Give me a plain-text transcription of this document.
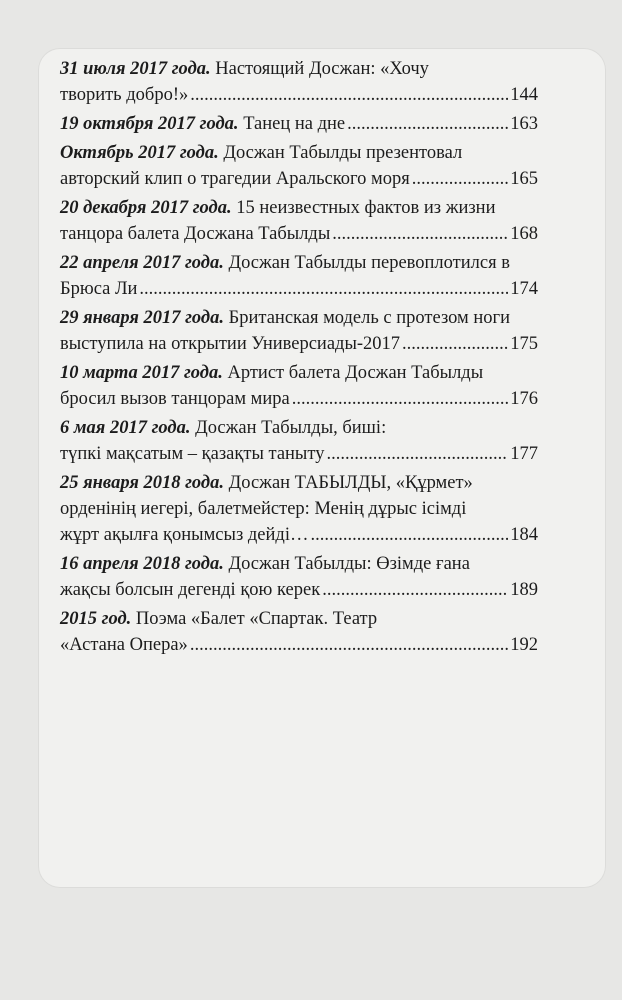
31 июля 2017 года. Настоящий Досжан: «Хочу
творить добро!» .....	144
19 октября 2017 года. Танец на дне .....	163
Октябрь 2017 года. Досжан Табылды презентовал
авторский клип о трагедии Аральского моря .....	165
20 декабря 2017 года. 15 неизвестных фактов из жизни
танцора балета Досжана Табылды .....	168
22 апреля 2017 года. Досжан Табылды перевоплотился в
Брюса Ли .....	174
29 января 2017 года. Британская модель с протезом ноги
выступила на открытии Универсиады-2017 .....	175
10 марта 2017 года. Артист балета Досжан Табылды
бросил вызов танцорам мира .....	176
6 мая 2017 года. Досжан Табылды, биші:
түпкі мақсатым – қазақты таныту .....	177
25 января 2018 года. Досжан ТАБЫЛДЫ, «Құрмет»
орденінің иегері, балетмейстер: Менің дұрыс ісімді
жұрт ақылға қонымсыз дейді… .....	184
16 апреля 2018 года. Досжан Табылды: Өзімде ғана
жақсы болсын дегенді қою керек .....	189
2015 год. Поэма «Балет «Спартак. Театр
«Астана Опера» .....	192
